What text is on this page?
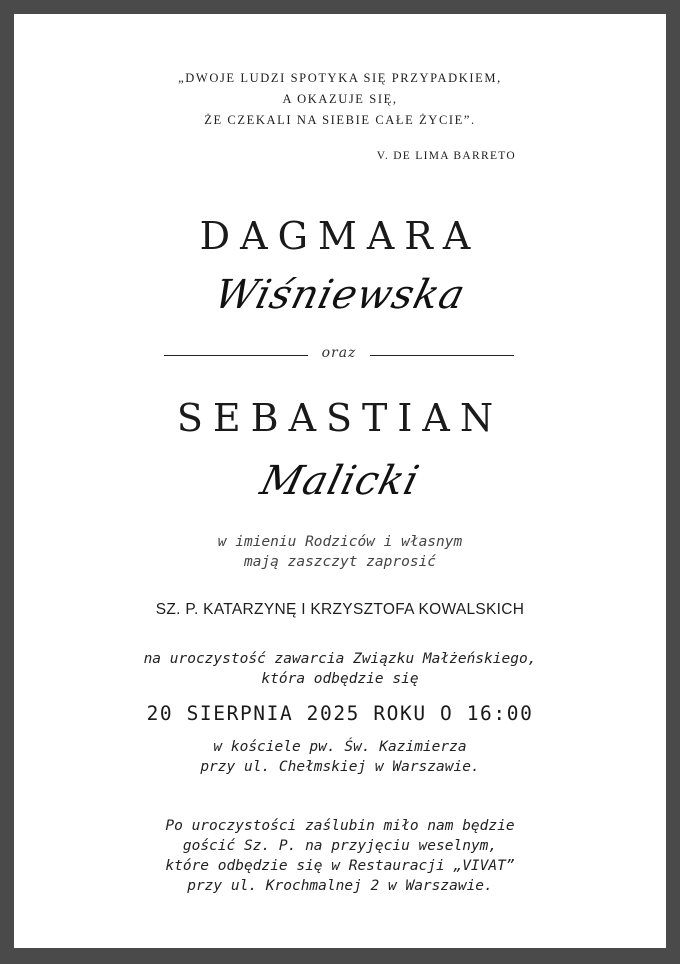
„DWOJE LUDZI SPOTYKA SIĘ PRZYPADKIEM,
A OKAZUJE SIĘ,
ŻE CZEKALI NA SIEBIE CAŁE ŻYCIE”.
V. DE LIMA BARRETO
DAGMARA
Wiśniewska
oraz
SEBASTIAN
Malicki
w imieniu Rodziców i własnym
mają zaszczyt zaprosić
SZ. P. KATARZYNĘ I KRZYSZTOFA KOWALSKICH
na uroczystość zawarcia Związku Małżeńskiego,
która odbędzie się
20 SIERPNIA 2025 ROKU O 16:00
w kościele pw. Św. Kazimierza
przy ul. Chełmskiej w Warszawie.
Po uroczystości zaślubin miło nam będzie
gościć Sz. P. na przyjęciu weselnym,
które odbędzie się w Restauracji „VIVAT”
przy ul. Krochmalnej 2 w Warszawie.
